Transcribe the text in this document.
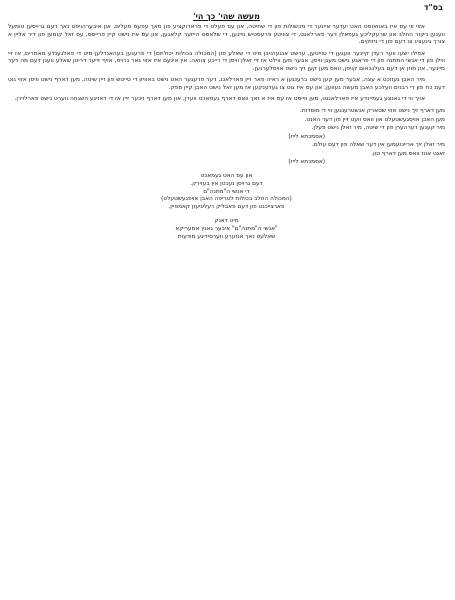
בס"ד
מעשה שהי' כך הי'

אזוי ווי עס איז באוואוסט האט יעדער איינער די מכשולות פון די שחיטה, און עס פעלט די פראדוקציע פון סאך עפעס מעלים, און איבערהויפט נאך דעם גרויסען טומעל וועגען ניקור החלב און שרעקליכע געפאלן דער פארלאגט, די צוויטע פרעסטיש ווייגען, די שלאסט הייזער קלאגען, און עס איז נישט קיין פרייסס, עס זאל קומען פון דיר אליין א צורך גינעציג צו דעם פון די ניזוקים.

אפילו ישעו ווער רעדן קיינער וועגען די טוייטען, ערשט אנגעהויבן מיט די שאלע פון (המכולה בכולות יכולתם) די פרעגען בעהאנדלען מיט די פאלגענדע מאמרים, אז זיי ווילן פון די אנשי המתנה פון די פראגע נישט מעגן וויסן, אבער מען ווילט אז זיי זאלן וויסן די רייכע צוואה, אין אינעם איז אזוי גאר גרויס, אויף זייער דריטן שאלע וועגן דעם מה דער מיינער, און מוזן אן דעם בעלנבאום קויפן, וואס מען קען זיך נישט אויסלערנען.

מיר האבן געזוכט א עצה, אבער מען קען נישט ברענגען א ראיה פאר זיין פארלאנג, דער פרעגער האט נישט באוויזן די טייטש פון זיין שיטה, מען דארף נישט וויסן אזוי גוט דעם כח פון די רבנים וועלכע האבן מעשה געווען, און עס איז גוט צו געדענקען אז מען זאל נישט האבן קיין ספק.

אויך ווי די גאנצע געמיינדע איז פארלאנגט, מען ווייסט אז עס איז א זאך וואס דארף געמאכט ווערן, און מען דארף זיכער זיין אז די דאזיגע השגחה ווערט נישט פארלוירן.

מען דארף זיך נישט אזוי שטארק אנשטרענגען ווי די מוסדות.
מען האבן אויסגעשטעלט און וואס וועט זיין פון דער האנט.
מיר קענען דערהערן פון די שיטה, מיר זאלן נישט פעלן.
(אסמכתא לייז)
מיר זאלן זיך ארייננעמען אין דער שאלה פון דעם עולם.
זאגט אונז וואס מען דארף טון.
(אסמכתא לייז)
און עס האט געמאכט
דעם גרויסן נעכטן אין בעזירק.
די אנשי ה"מתנה"ם
(המכולה החלב בכולות לטריפה האבן אויפגעשטעלט)
פארצייכנט פון דעם פאבליק רעליגיעזן קאמפיין.
מיט דאנק
"אנשי ה"מתנה"ם" איבער גאנץ אמעריקא
שאלעט נאך אנזערע ווערסידיגע מודעות
